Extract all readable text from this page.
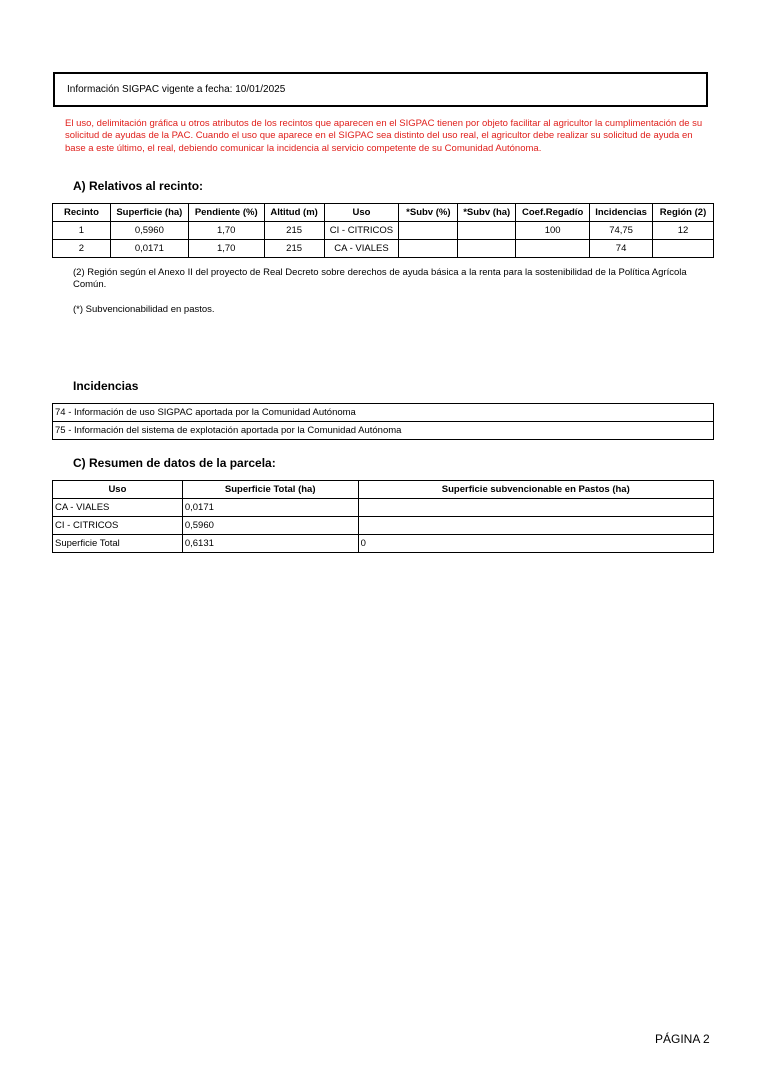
Información SIGPAC vigente a fecha: 10/01/2025
El uso, delimitación gráfica u otros atributos de los recintos que aparecen en el SIGPAC tienen por objeto facilitar al agricultor la cumplimentación de su solicitud de ayudas de la PAC. Cuando el uso que aparece en el SIGPAC sea distinto del uso real, el agricultor debe realizar su solicitud de ayuda en base a este último, el real, debiendo comunicar la incidencia al servicio competente de su Comunidad Autónoma.
A) Relativos al recinto:
Recinto	Superficie (ha)	Pendiente (%)	Altitud (m)	Uso	*Subv (%)	*Subv (ha)	Coef.Regadío	Incidencias	Región (2)
1	0,5960	1,70	215	CI - CITRICOS			100	74,75	12
2	0,0171	1,70	215	CA - VIALES				74	
(2) Región según el Anexo II del proyecto de Real Decreto sobre derechos de ayuda básica a la renta para la sostenibilidad de la Política Agrícola Común.
(*) Subvencionabilidad en pastos.
Incidencias
74 - Información de uso SIGPAC aportada por la Comunidad Autónoma
75 - Información del sistema de explotación aportada por la Comunidad Autónoma
C) Resumen de datos de la parcela:
Uso	Superficie Total (ha)	Superficie subvencionable en Pastos (ha)
CA - VIALES	0,0171	
CI - CITRICOS	0,5960	
Superficie Total	0,6131	0
PÁGINA 2
